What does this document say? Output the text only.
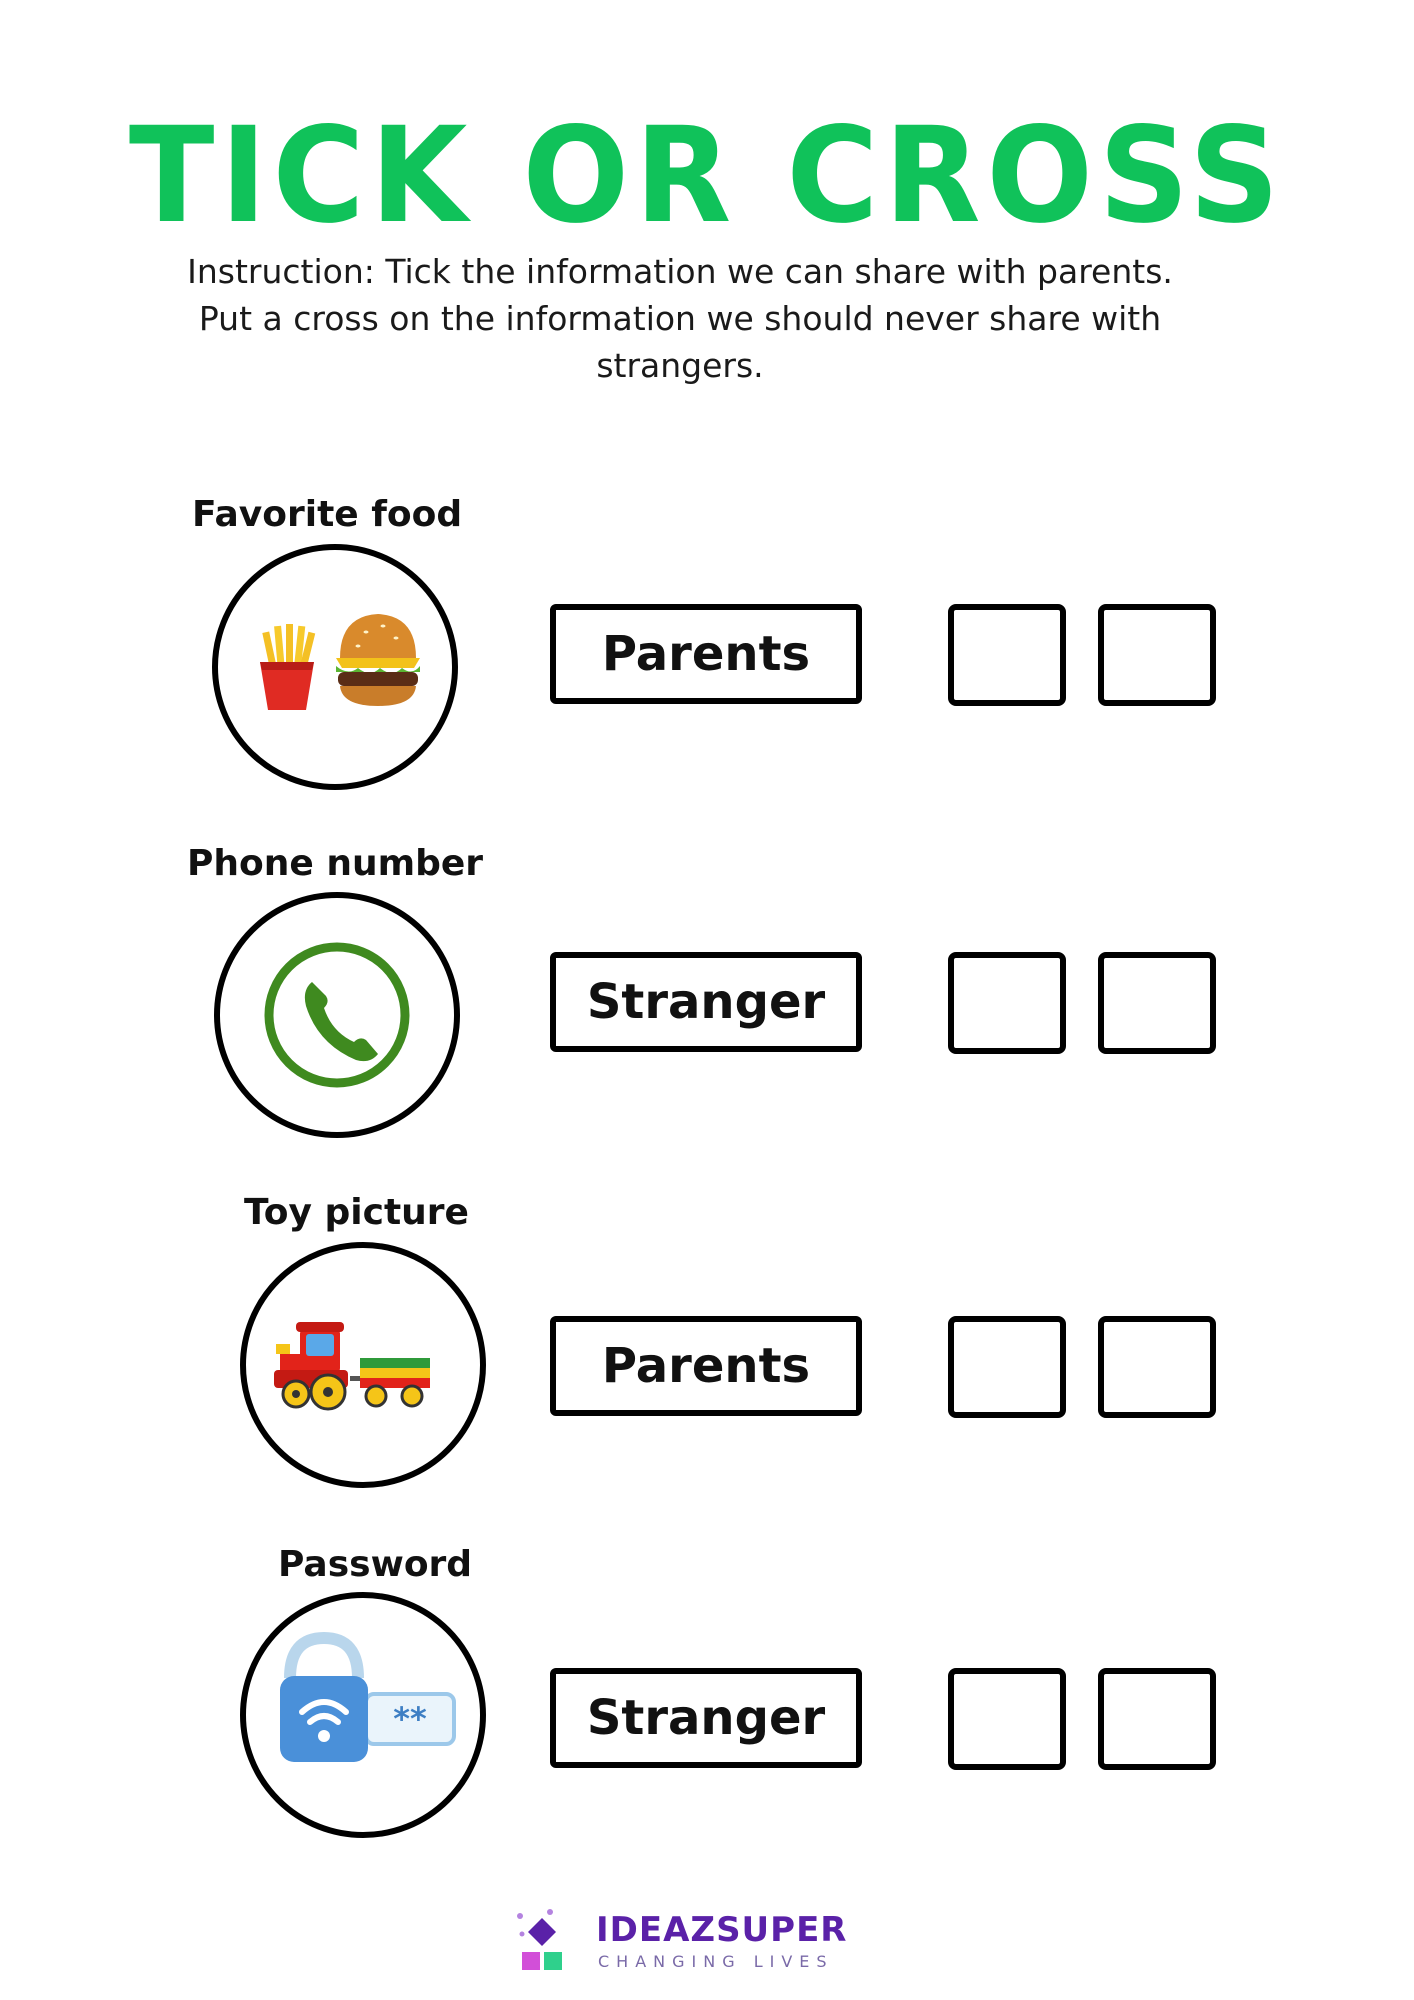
TICK OR CROSS
Instruction: Tick the information we can share with parents. Put a cross on the information we should never share with strangers.
Favorite food
Parents
Phone number
Stranger
Toy picture
Parents
Password
**	Stranger
IDEAZSUPER
CHANGING LIVES
